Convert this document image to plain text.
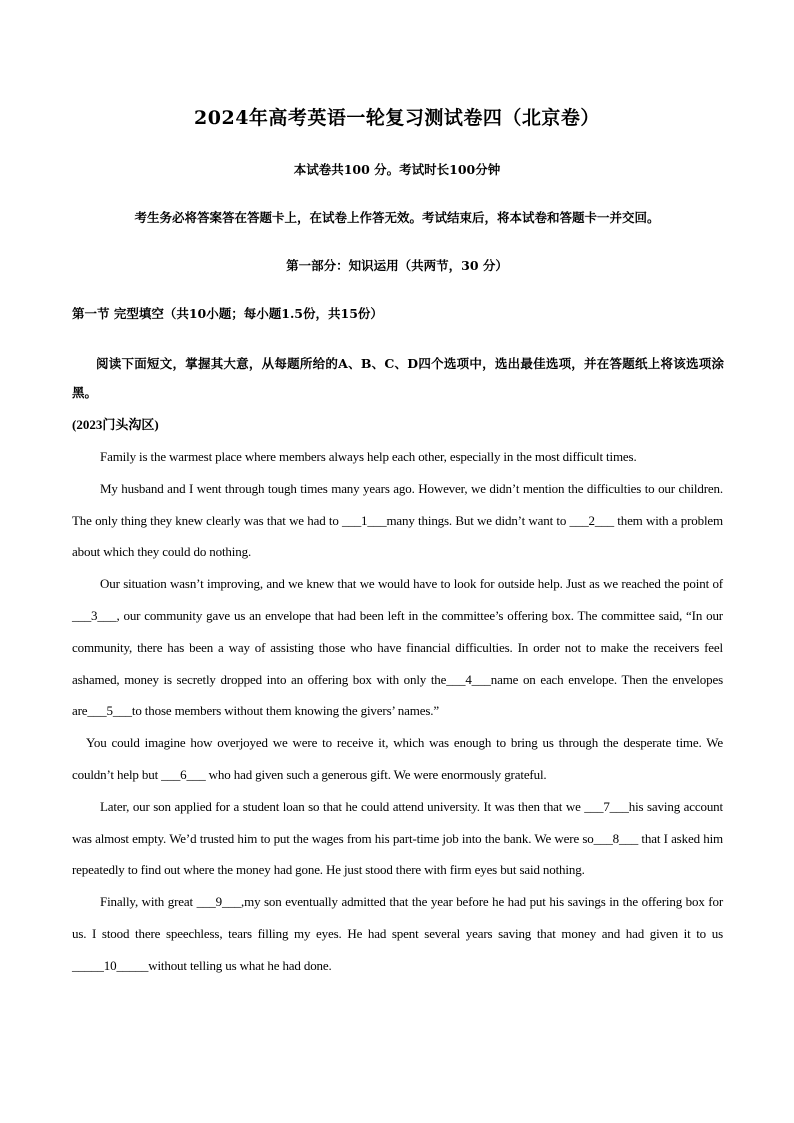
2024年高考英语一轮复习测试卷四（北京卷）
本试卷共100 分。考试时长100分钟
考生务必将答案答在答题卡上，在试卷上作答无效。考试结束后，将本试卷和答题卡一并交回。
第一部分：知识运用（共两节，30 分）
第一节 完型填空（共10小题；每小题1.5份，共15份）
阅读下面短文，掌握其大意，从每题所给的A、B、C、D四个选项中，选出最佳选项，并在答题纸上将该选项涂黑。
(2023门头沟区)

Family is the warmest place where members always help each other, especially in the most difficult times.

My husband and I went through tough times many years ago. However, we didn’t mention the difficulties to our children. The only thing they knew clearly was that we had to ___1___many things. But we didn’t want to ___2___ them with a problem about which they could do nothing.

Our situation wasn’t improving, and we knew that we would have to look for outside help. Just as we reached the point of ___3___, our community gave us an envelope that had been left in the committee’s offering box. The committee said, “In our community, there has been a way of assisting those who have financial difficulties. In order not to make the receivers feel ashamed, money is secretly dropped into an offering box with only the___4___name on each envelope. Then the envelopes are___5___to those members without them knowing the givers’ names.”

You could imagine how overjoyed we were to receive it, which was enough to bring us through the desperate time. We couldn’t help but ___6___ who had given such a generous gift. We were enormously grateful.

Later, our son applied for a student loan so that he could attend university. It was then that we ___7___his saving account was almost empty. We’d trusted him to put the wages from his part-time job into the bank. We were so___8___ that I asked him repeatedly to find out where the money had gone. He just stood there with firm eyes but said nothing.

Finally, with great ___9___,my son eventually admitted that the year before he had put his savings in the offering box for us. I stood there speechless, tears filling my eyes. He had spent several years saving that money and had given it to us _____10_____without telling us what he had done.
